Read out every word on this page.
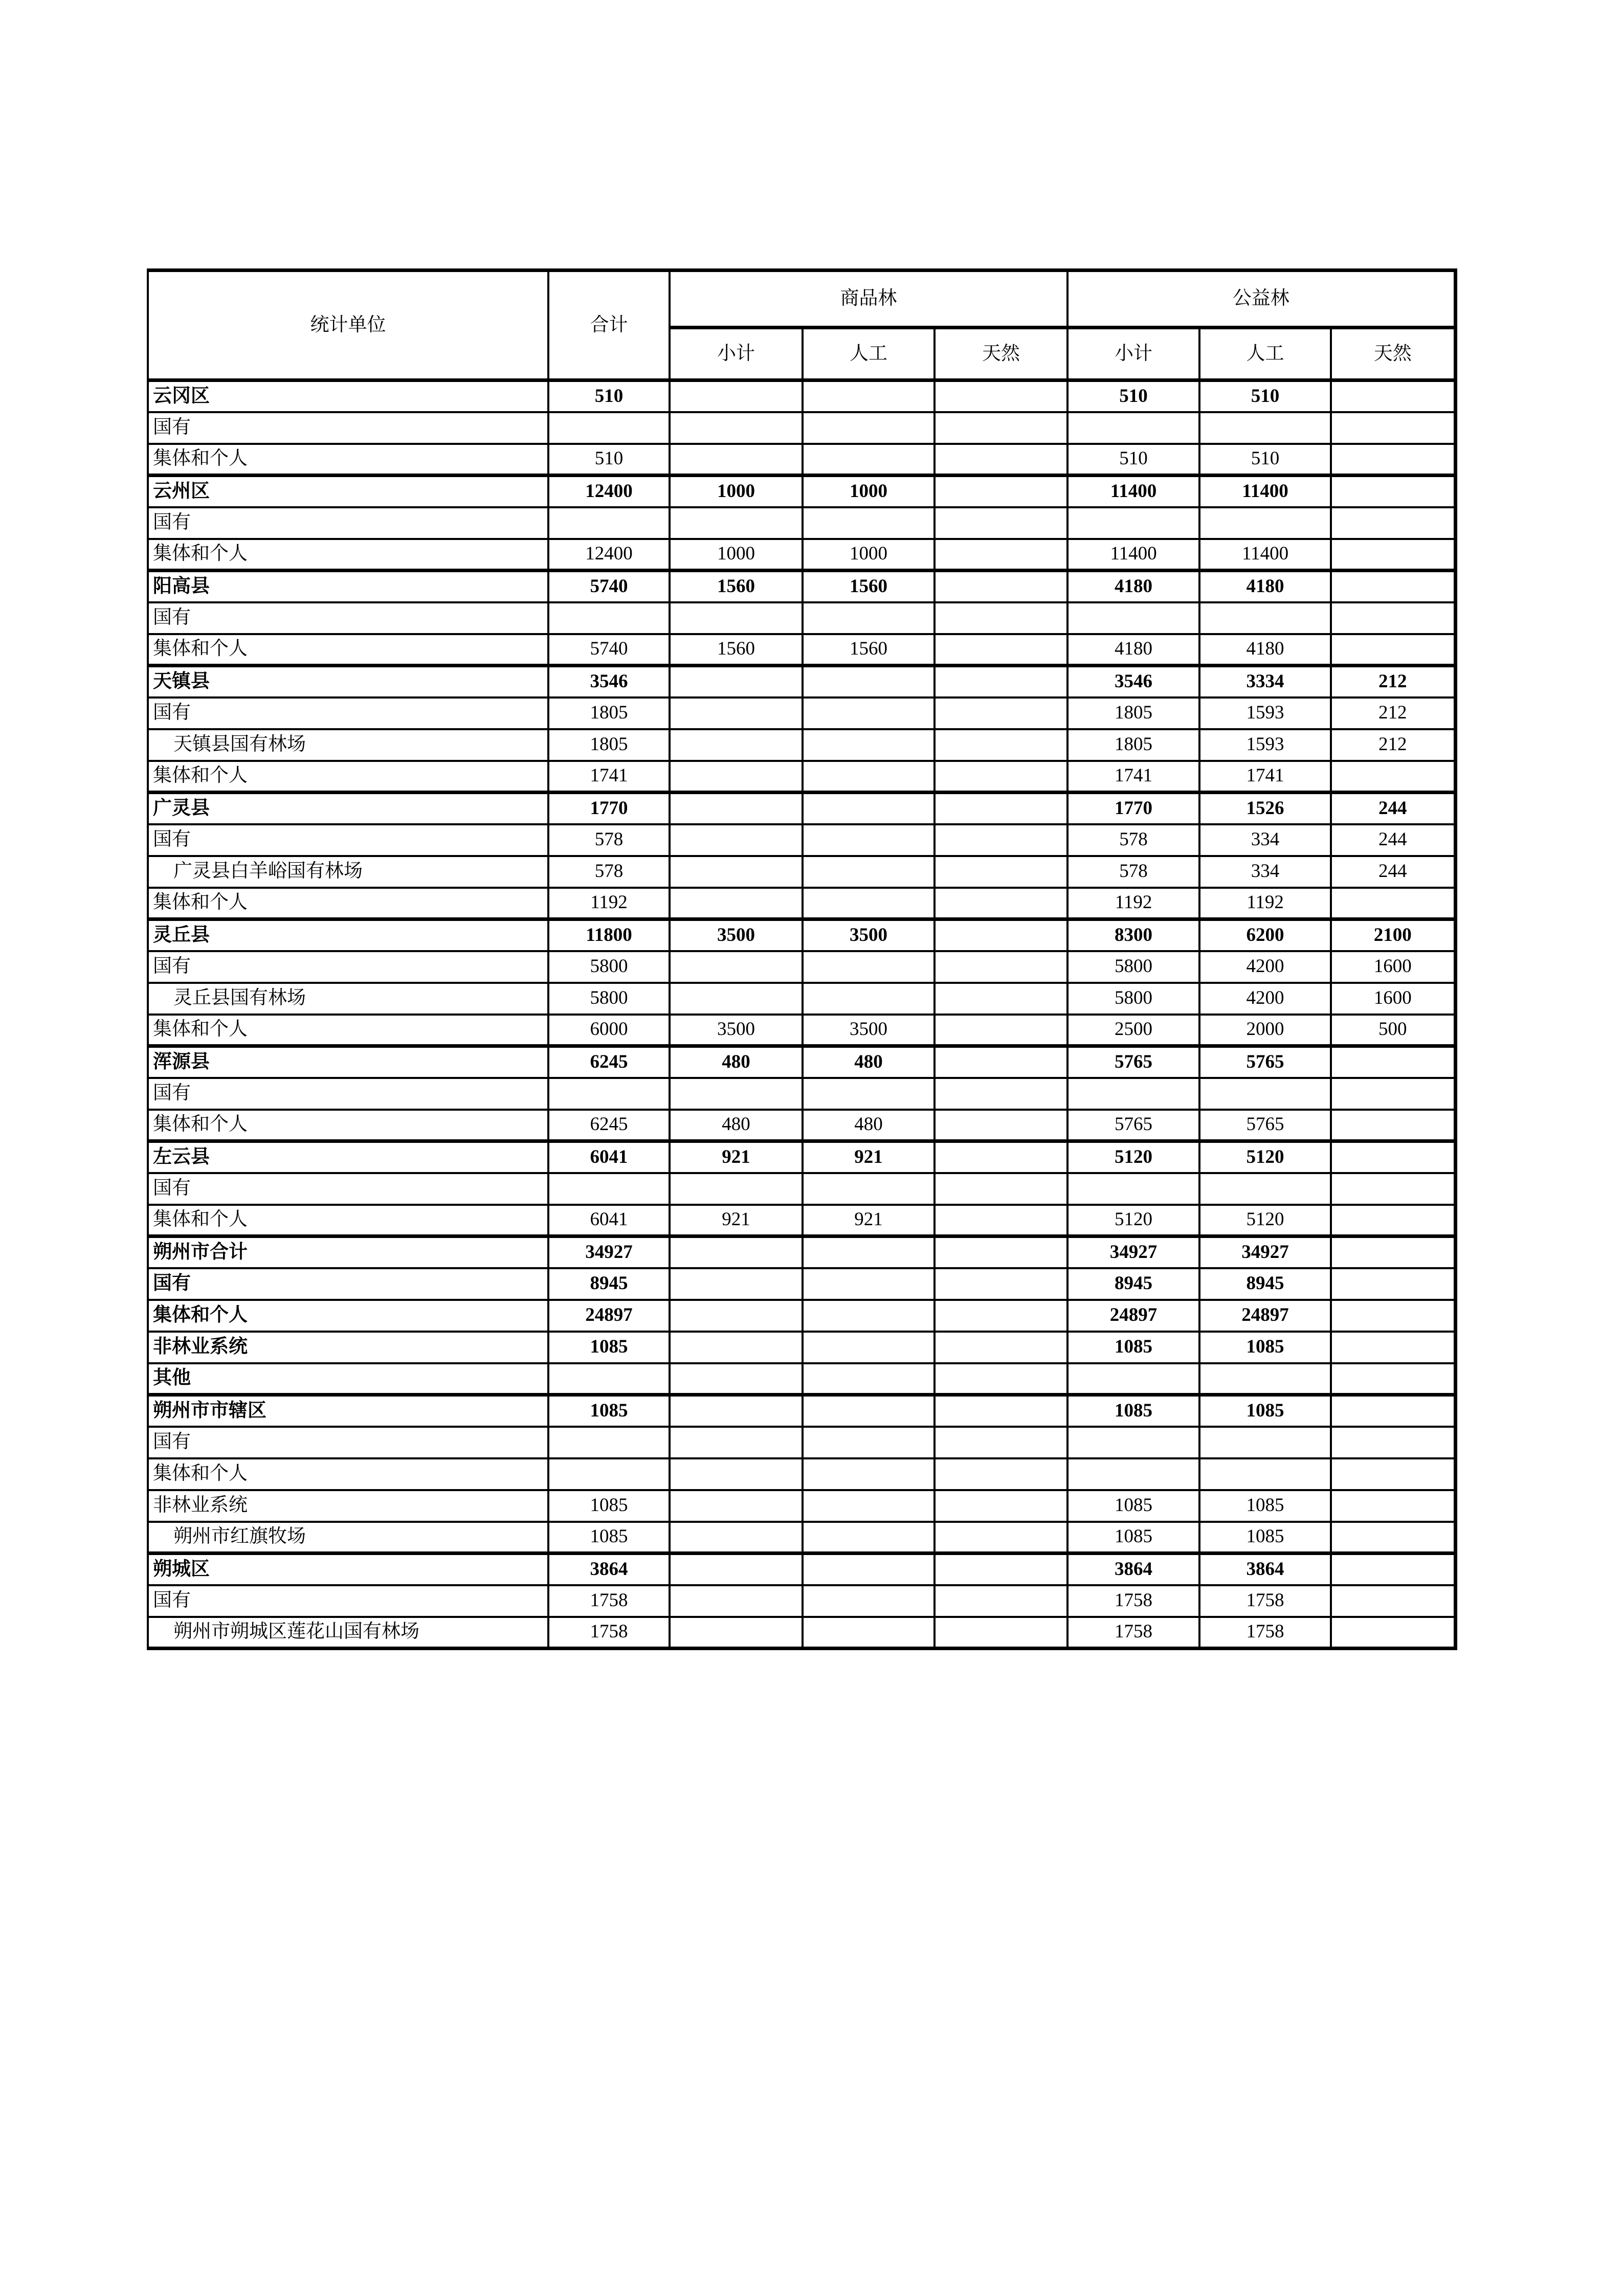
统计单位	合计	商品林			公益林		
		小计	人工	天然	小计	人工	天然
云冈区	510				510	510	
国有							
集体和个人	510				510	510	
云州区	12400	1000	1000		11400	11400	
国有							
集体和个人	12400	1000	1000		11400	11400	
阳高县	5740	1560	1560		4180	4180	
国有							
集体和个人	5740	1560	1560		4180	4180	
天镇县	3546				3546	3334	212
国有	1805				1805	1593	212
天镇县国有林场	1805				1805	1593	212
集体和个人	1741				1741	1741	
广灵县	1770				1770	1526	244
国有	578				578	334	244
广灵县白羊峪国有林场	578				578	334	244
集体和个人	1192				1192	1192	
灵丘县	11800	3500	3500		8300	6200	2100
国有	5800				5800	4200	1600
灵丘县国有林场	5800				5800	4200	1600
集体和个人	6000	3500	3500		2500	2000	500
浑源县	6245	480	480		5765	5765	
国有							
集体和个人	6245	480	480		5765	5765	
左云县	6041	921	921		5120	5120	
国有							
集体和个人	6041	921	921		5120	5120	
朔州市合计	34927				34927	34927	
国有	8945				8945	8945	
集体和个人	24897				24897	24897	
非林业系统	1085				1085	1085	
其他							
朔州市市辖区	1085				1085	1085	
国有							
集体和个人							
非林业系统	1085				1085	1085	
朔州市红旗牧场	1085				1085	1085	
朔城区	3864				3864	3864	
国有	1758				1758	1758	
朔州市朔城区莲花山国有林场	1758				1758	1758	
